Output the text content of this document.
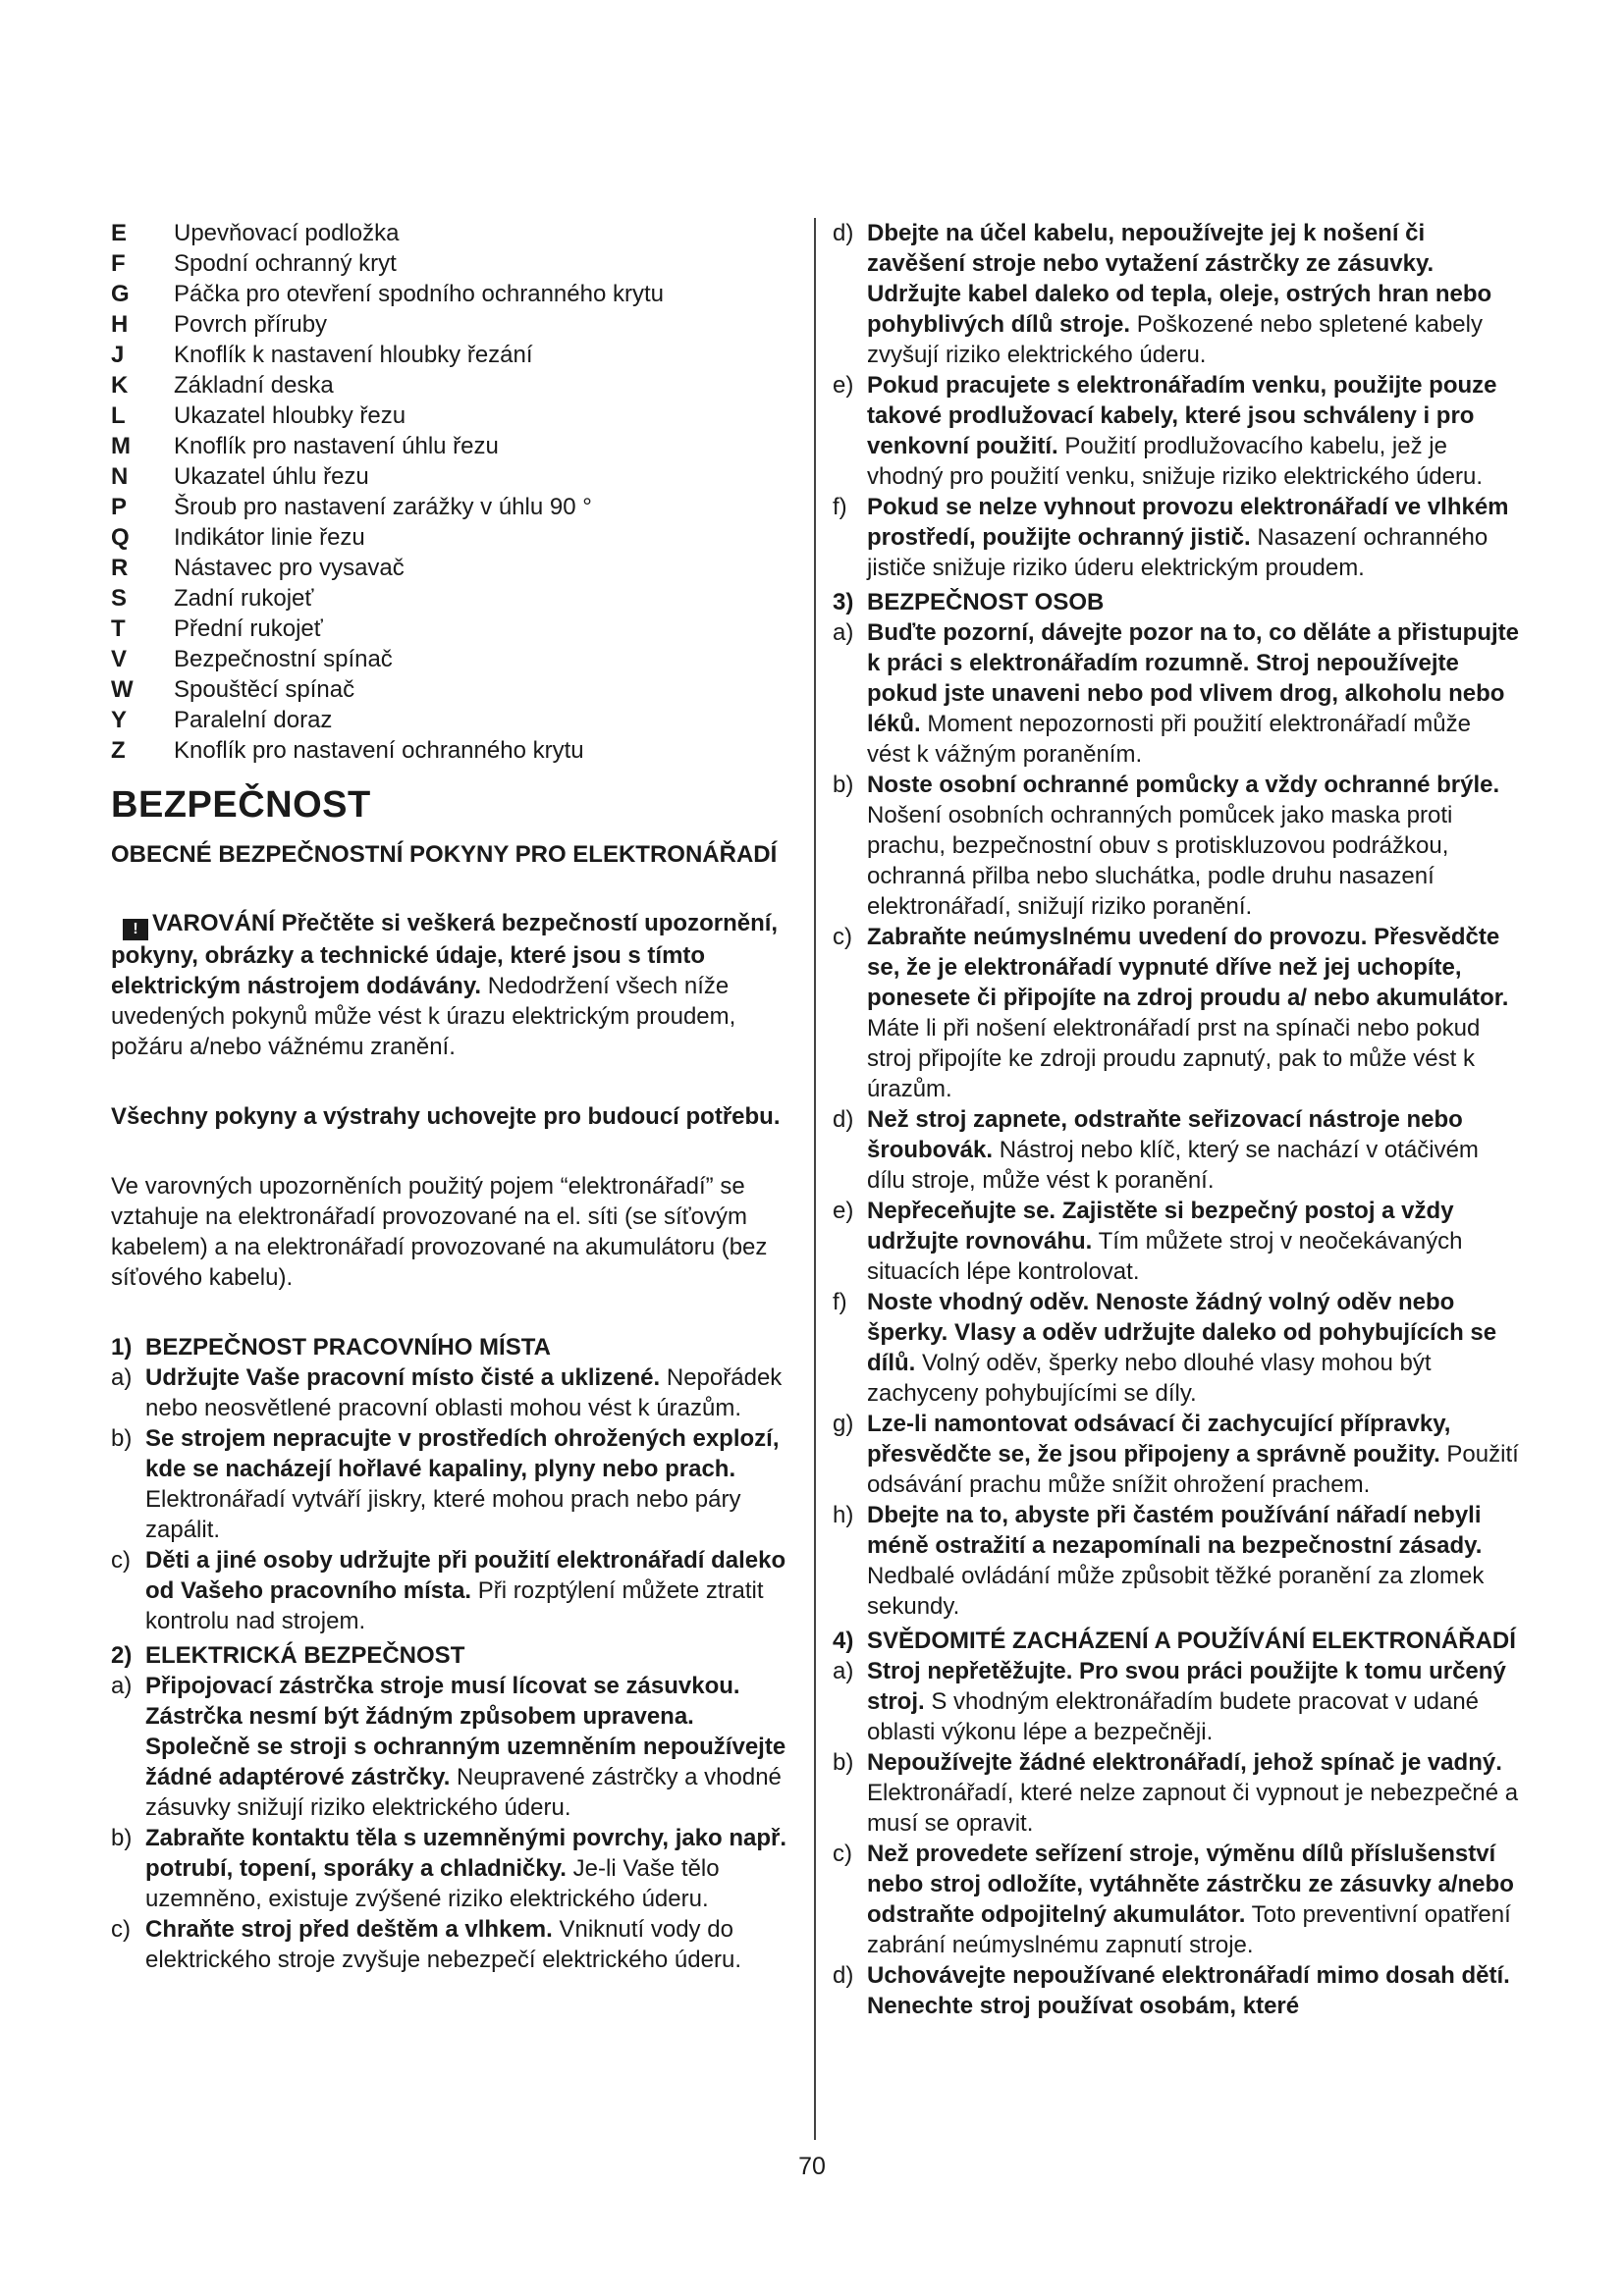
E	Upevňovací podložka
F	Spodní ochranný kryt
G	Páčka pro otevření spodního ochranného krytu
H	Povrch příruby
J	Knoflík k nastavení hloubky řezání
K	Základní deska
L	Ukazatel hloubky řezu
M	Knoflík pro nastavení úhlu řezu
N	Ukazatel úhlu řezu
P	Šroub pro nastavení zarážky v úhlu 90 °
Q	Indikátor linie řezu
R	Nástavec pro vysavač
S	Zadní rukojeť
T	Přední rukojeť
V	Bezpečnostní spínač
W	Spouštěcí spínač
Y	Paralelní doraz
Z	Knoflík pro nastavení ochranného krytu
BEZPEČNOST
OBECNÉ BEZPEČNOSTNÍ POKYNY PRO ELEKTRONÁŘADÍ
! VAROVÁNÍ Přečtěte si veškerá bezpečností upozornění, pokyny, obrázky a technické údaje, které jsou s tímto elektrickým nástrojem dodávány. Nedodržení všech níže uvedených pokynů může vést k úrazu elektrickým proudem, požáru a/nebo vážnému zranění.
Všechny pokyny a výstrahy uchovejte pro budoucí potřebu.
Ve varovných upozorněních použitý pojem “elektronářadí” se vztahuje na elektronářadí provozované na el. síti (se síťovým kabelem) a na elektronářadí provozované na akumulátoru (bez síťového kabelu).
1) BEZPEČNOST PRACOVNÍHO MÍSTA
a) Udržujte Vaše pracovní místo čisté a uklizené. Nepořádek nebo neosvětlené pracovní oblasti mohou vést k úrazům.
b) Se strojem nepracujte v prostředích ohrožených explozí, kde se nacházejí hořlavé kapaliny, plyny nebo prach. Elektronářadí vytváří jiskry, které mohou prach nebo páry zapálit.
c) Děti a jiné osoby udržujte při použití elektronářadí daleko od Vašeho pracovního místa. Při rozptýlení můžete ztratit kontrolu nad strojem.
2) ELEKTRICKÁ BEZPEČNOST
a) Připojovací zástrčka stroje musí lícovat se zásuvkou. Zástrčka nesmí být žádným způsobem upravena. Společně se stroji s ochranným uzemněním nepoužívejte žádné adaptérové zástrčky. Neupravené zástrčky a vhodné zásuvky snižují riziko elektrického úderu.
b) Zabraňte kontaktu těla s uzemněnými povrchy, jako např. potrubí, topení, sporáky a chladničky. Je-li Vaše tělo uzemněno, existuje zvýšené riziko elektrického úderu.
c) Chraňte stroj před deštěm a vlhkem. Vniknutí vody do elektrického stroje zvyšuje nebezpečí elektrického úderu.
d) Dbejte na účel kabelu, nepoužívejte jej k nošení či zavěšení stroje nebo vytažení zástrčky ze zásuvky. Udržujte kabel daleko od tepla, oleje, ostrých hran nebo pohyblivých dílů stroje. Poškozené nebo spletené kabely zvyšují riziko elektrického úderu.
e) Pokud pracujete s elektronářadím venku, použijte pouze takové prodlužovací kabely, které jsou schváleny i pro venkovní použití. Použití prodlužovacího kabelu, jež je vhodný pro použití venku, snižuje riziko elektrického úderu.
f) Pokud se nelze vyhnout provozu elektronářadí ve vlhkém prostředí, použijte ochranný jistič. Nasazení ochranného jističe snižuje riziko úderu elektrickým proudem.
3) BEZPEČNOST OSOB
a) Buďte pozorní, dávejte pozor na to, co děláte a přistupujte k práci s elektronářadím rozumně. Stroj nepoužívejte pokud jste unaveni nebo pod vlivem drog, alkoholu nebo léků. Moment nepozornosti při použití elektronářadí může vést k vážným poraněním.
b) Noste osobní ochranné pomůcky a vždy ochranné brýle. Nošení osobních ochranných pomůcek jako maska proti prachu, bezpečnostní obuv s protiskluzovou podrážkou, ochranná přilba nebo sluchátka, podle druhu nasazení elektronářadí, snižují riziko poranění.
c) Zabraňte neúmyslnému uvedení do provozu. Přesvědčte se, že je elektronářadí vypnuté dříve než jej uchopíte, ponesete či připojíte na zdroj proudu a/ nebo akumulátor. Máte li při nošení elektronářadí prst na spínači nebo pokud stroj připojíte ke zdroji proudu zapnutý, pak to může vést k úrazům.
d) Než stroj zapnete, odstraňte seřizovací nástroje nebo šroubovák. Nástroj nebo klíč, který se nachází v otáčivém dílu stroje, může vést k poranění.
e) Nepřeceňujte se. Zajistěte si bezpečný postoj a vždy udržujte rovnováhu. Tím můžete stroj v neočekávaných situacích lépe kontrolovat.
f) Noste vhodný oděv. Nenoste žádný volný oděv nebo šperky. Vlasy a oděv udržujte daleko od pohybujících se dílů. Volný oděv, šperky nebo dlouhé vlasy mohou být zachyceny pohybujícími se díly.
g) Lze-li namontovat odsávací či zachycující přípravky, přesvědčte se, že jsou připojeny a správně použity. Použití odsávání prachu může snížit ohrožení prachem.
h) Dbejte na to, abyste při častém používání nářadí nebyli méně ostražití a nezapomínali na bezpečnostní zásady. Nedbalé ovládání může způsobit těžké poranění za zlomek sekundy.
4) SVĚDOMITÉ ZACHÁZENÍ A POUŽÍVÁNÍ ELEKTRONÁŘADÍ
a) Stroj nepřetěžujte. Pro svou práci použijte k tomu určený stroj. S vhodným elektronářadím budete pracovat v udané oblasti výkonu lépe a bezpečněji.
b) Nepoužívejte žádné elektronářadí, jehož spínač je vadný. Elektronářadí, které nelze zapnout či vypnout je nebezpečné a musí se opravit.
c) Než provedete seřízení stroje, výměnu dílů příslušenství nebo stroj odložíte, vytáhněte zástrčku ze zásuvky a/nebo odstraňte odpojitelný akumulátor. Toto preventivní opatření zabrání neúmyslnému zapnutí stroje.
d) Uchovávejte nepoužívané elektronářadí mimo dosah dětí. Nenechte stroj používat osobám, které
70
